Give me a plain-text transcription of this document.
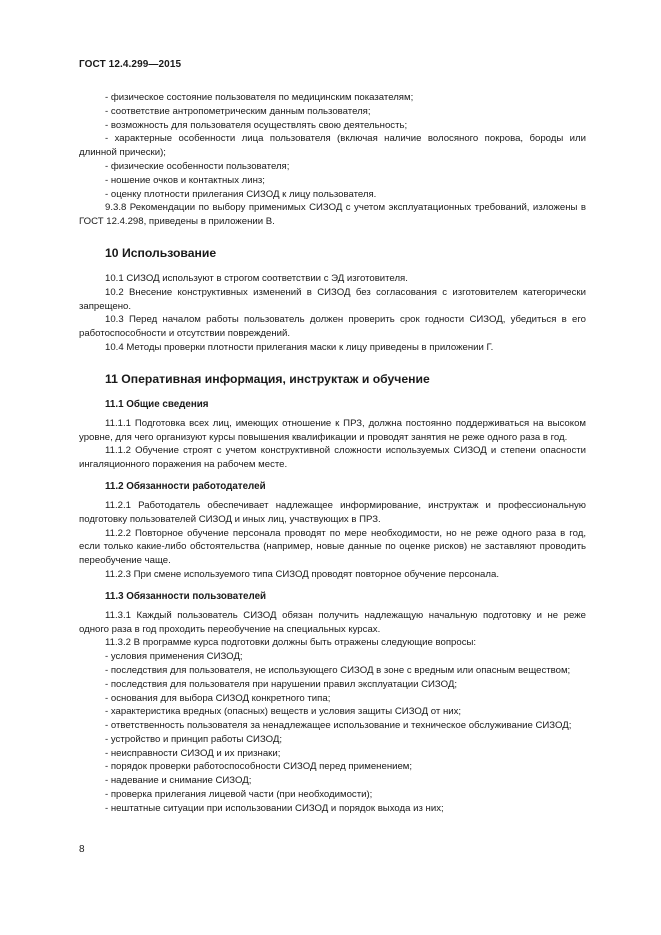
ГОСТ 12.4.299—2015

- физическое состояние пользователя по медицинским показателям;

- соответствие антропометрическим данным пользователя;

- возможность для пользователя осуществлять свою деятельность;

- характерные особенности лица пользователя (включая наличие волосяного покрова, бороды или длинной прически);

- физические особенности пользователя;

- ношение очков и контактных линз;

- оценку плотности прилегания СИЗОД к лицу пользователя.

9.3.8 Рекомендации по выбору применимых СИЗОД с учетом эксплуатационных требований, изложены в ГОСТ 12.4.298, приведены в приложении В.

10 Использование

10.1 СИЗОД используют в строгом соответствии с ЭД изготовителя.

10.2 Внесение конструктивных изменений в СИЗОД без согласования с изготовителем категорически запрещено.

10.3 Перед началом работы пользователь должен проверить срок годности СИЗОД, убедиться в его работоспособности и отсутствии повреждений.

10.4 Методы проверки плотности прилегания маски к лицу приведены в приложении Г.

11 Оперативная информация, инструктаж и обучение
11.1 Общие сведения

11.1.1 Подготовка всех лиц, имеющих отношение к ПРЗ, должна постоянно поддерживаться на высоком уровне, для чего организуют курсы повышения квалификации и проводят занятия не реже одного раза в год.

11.1.2 Обучение строят с учетом конструктивной сложности используемых СИЗОД и степени опасности ингаляционного поражения на рабочем месте.

11.2 Обязанности работодателей

11.2.1 Работодатель обеспечивает надлежащее информирование, инструктаж и профессиональную подготовку пользователей СИЗОД и иных лиц, участвующих в ПРЗ.

11.2.2 Повторное обучение персонала проводят по мере необходимости, но не реже одного раза в год, если только какие-либо обстоятельства (например, новые данные по оценке рисков) не заставляют проводить переобучение чаще.

11.2.3 При смене используемого типа СИЗОД проводят повторное обучение персонала.

11.3 Обязанности пользователей

11.3.1 Каждый пользователь СИЗОД обязан получить надлежащую начальную подготовку и не реже одного раза в год проходить переобучение на специальных курсах.

11.3.2 В программе курса подготовки должны быть отражены следующие вопросы:

- условия применения СИЗОД;

- последствия для пользователя, не использующего СИЗОД в зоне с вредным или опасным веществом;

- последствия для пользователя при нарушении правил эксплуатации СИЗОД;

- основания для выбора СИЗОД конкретного типа;

- характеристика вредных (опасных) веществ и условия защиты СИЗОД от них;

- ответственность пользователя за ненадлежащее использование и техническое обслуживание СИЗОД;

- устройство и принцип работы СИЗОД;

- неисправности СИЗОД и их признаки;

- порядок проверки работоспособности СИЗОД перед применением;

- надевание и снимание СИЗОД;

- проверка прилегания лицевой части (при необходимости);

- нештатные ситуации при использовании СИЗОД и порядок выхода из них;

8
